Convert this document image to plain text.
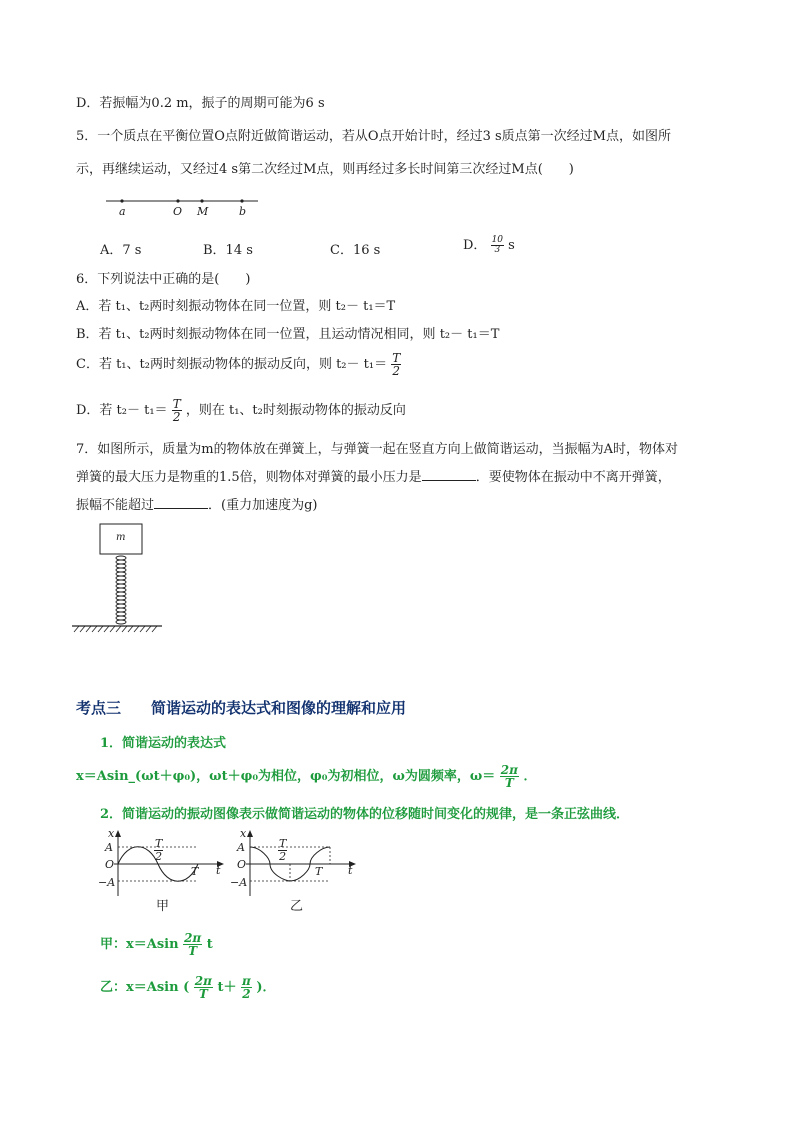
D．若振幅为0.2 m，振子的周期可能为6 s
5．一个质点在平衡位置O点附近做简谐运动，若从O点开始计时，经过3 s质点第一次经过M点，如图所
示，再继续运动，又经过4 s第二次经过M点，则再经过多长时间第三次经过M点(　　)
a	O M	b
A．7 s	B．14 s	C．16 s	D． $\frac{10}{3}$ s
6．下列说法中正确的是(　　)
A．若 t₁、t₂两时刻振动物体在同一位置，则 t₂－ t₁＝T
B．若 t₁、t₂两时刻振动物体在同一位置，且运动情况相同，则 t₂－ t₁＝T
C．若 t₁、t₂两时刻振动物体的振动反向，则 $t_2- t_1= \frac{T}{2}$
D．若 $t_2- t_1= \frac{T}{2}$ ，则在 t₁、t₂时刻振动物体的振动反向
7．如图所示，质量为m的物体放在弹簧上，与弹簧一起在竖直方向上做简谐运动，当振幅为A时，物体对
弹簧的最大压力是物重的1.5倍，则物体对弹簧的最小压力是	．要使物体在振动中不离开弹簧，
振幅不能超过	．(重力加速度为g)
m
考点三　　简谐运动的表达式和图像的理解和应用
1．简谐运动的表达式
x＝Asin_(ωt＋φ₀)，ωt＋φ₀为相位，φ₀为初相位，ω为圆频率，$\omega= \frac{2\pi}{T}$ ．
2．简谐运动的振动图像表示做简谐运动的物体的位移随时间变化的规律，是一条正弦曲线．
x
A
O
−A
t
T
$\frac{T}{2}$
x
A
O
−A
t
T
$\frac{T}{2}$
甲	乙
甲：$x=Asin \frac{2\pi}{T}$ t
乙：x＝Asin ( $\frac{2\pi}{T} t+ \frac{\pi}{2}$ )．
